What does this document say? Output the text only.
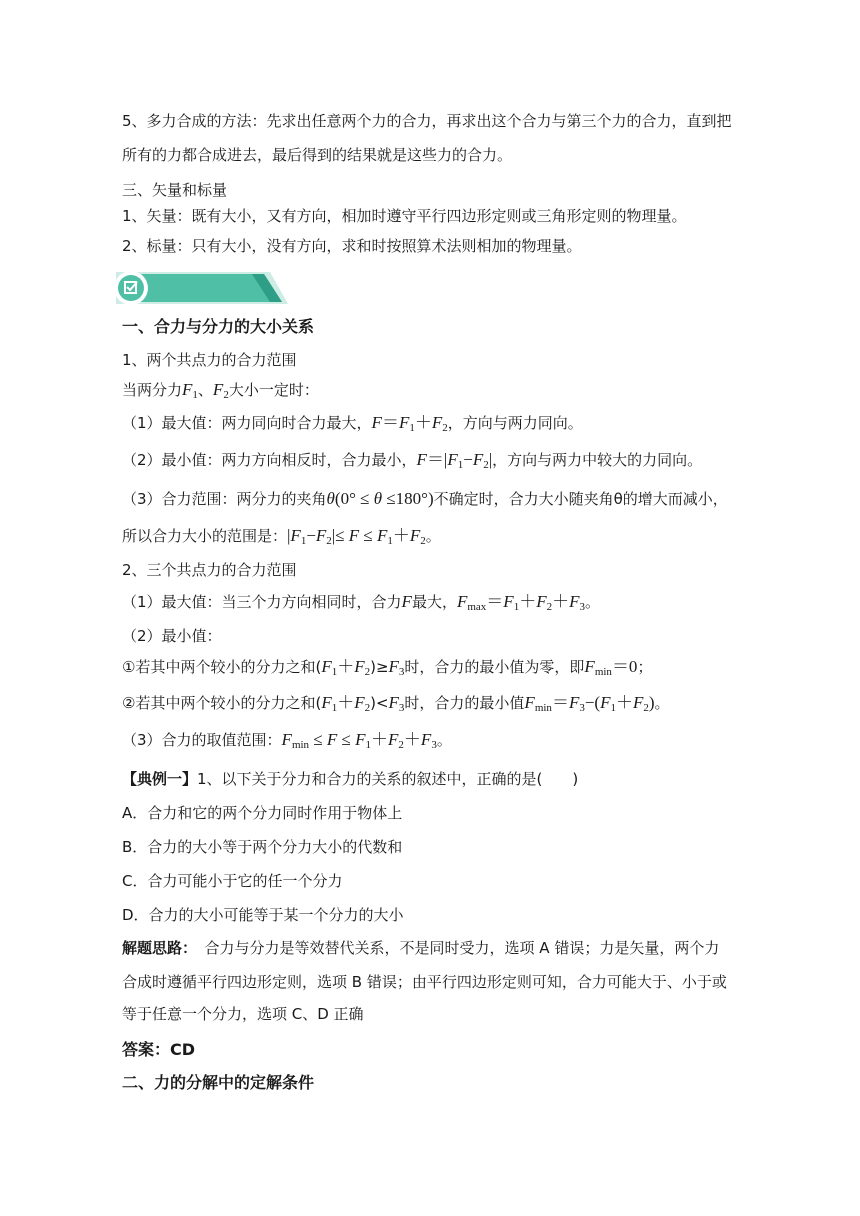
5、多力合成的方法：先求出任意两个力的合力，再求出这个合力与第三个力的合力，直到把
所有的力都合成进去，最后得到的结果就是这些力的合力。
三、矢量和标量
1、矢量：既有大小，又有方向，相加时遵守平行四边形定则或三角形定则的物理量。
2、标量：只有大小，没有方向，求和时按照算术法则相加的物理量。
一、合力与分力的大小关系
1、两个共点力的合力范围
当两分力$F_1$、$F_2$大小一定时：
（1）最大值：两力同向时合力最大，$F=F_1+F_2$，方向与两力同向。
（2）最小值：两力方向相反时，合力最小，$F=|F_1-F_2|$，方向与两力中较大的力同向。
（3）合力范围：两分力的夹角θ(0° ≤ θ ≤180°)不确定时，合力大小随夹角θ的增大而减小，
所以合力大小的范围是：$|F_1-F_2|\le F \le F_1+F_2$。
2、三个共点力的合力范围
（1）最大值：当三个力方向相同时，合力F最大，$F_{max}=F_1+F_2+F_3$。
（2）最小值：
①若其中两个较小的分力之和$(F_1+F_2)\ge F_3$时，合力的最小值为零，即$F_{min}=0$；
②若其中两个较小的分力之和$(F_1+F_2)<F_3$时，合力的最小值$F_{min}=F_3-(F_1+F_2)$。
（3）合力的取值范围：$F_{min} \le F \le F_1+F_2+F_3$。
【典例一】1、以下关于分力和合力的关系的叙述中，正确的是(　　)
A．合力和它的两个分力同时作用于物体上
B．合力的大小等于两个分力大小的代数和
C．合力可能小于它的任一个分力
D．合力的大小可能等于某一个分力的大小
解题思路：　合力与分力是等效替代关系，不是同时受力，选项 A 错误；力是矢量，两个力
合成时遵循平行四边形定则，选项 B 错误；由平行四边形定则可知，合力可能大于、小于或
等于任意一个分力，选项 C、D 正确
答案：CD
二、力的分解中的定解条件
